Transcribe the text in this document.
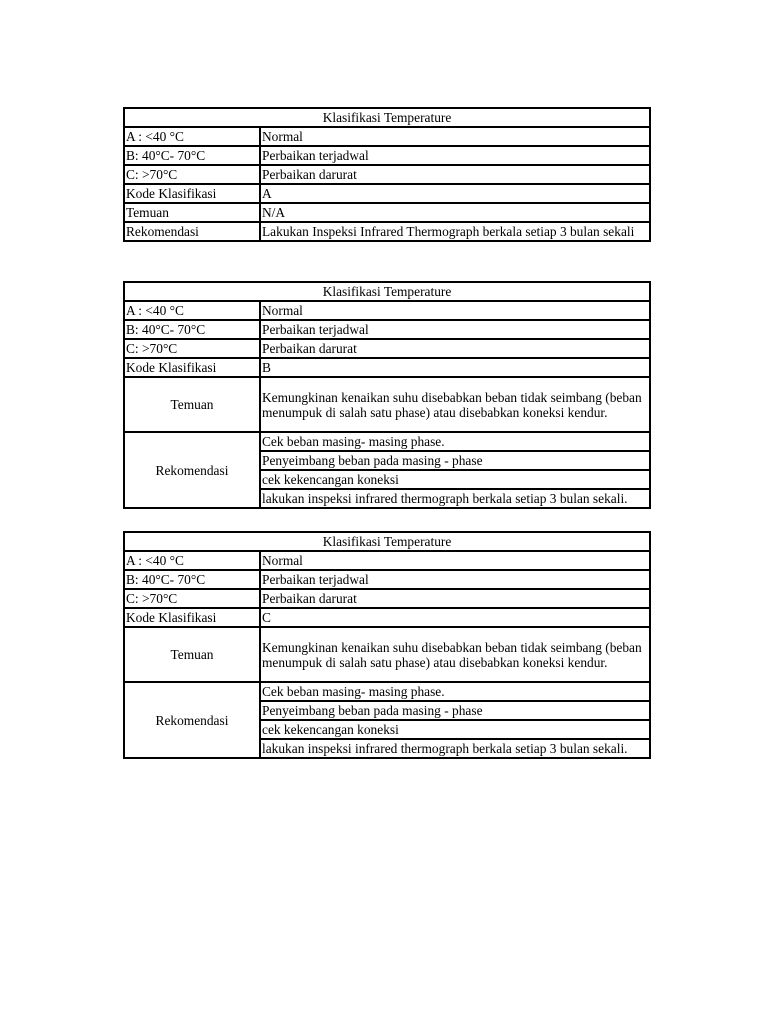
Klasifikasi Temperature	
A : <40 °C	Normal
B: 40°C- 70°C	Perbaikan terjadwal
C: >70°C	Perbaikan darurat
Kode Klasifikasi	A
Temuan	N/A
Rekomendasi	Lakukan Inspeksi Infrared Thermograph berkala setiap 3 bulan sekali
Klasifikasi Temperature	
A : <40 °C	Normal
B: 40°C- 70°C	Perbaikan terjadwal
C: >70°C	Perbaikan darurat
Kode Klasifikasi	B
Temuan	Kemungkinan kenaikan suhu disebabkan beban tidak seimbang (beban menumpuk di salah satu phase) atau disebabkan koneksi kendur.
Rekomendasi	Cek beban masing- masing phase.
	Penyeimbang beban pada masing - phase
	cek kekencangan koneksi
	lakukan inspeksi infrared thermograph berkala setiap 3 bulan sekali.
Klasifikasi Temperature	
A : <40 °C	Normal
B: 40°C- 70°C	Perbaikan terjadwal
C: >70°C	Perbaikan darurat
Kode Klasifikasi	C
Temuan	Kemungkinan kenaikan suhu disebabkan beban tidak seimbang (beban menumpuk di salah satu phase) atau disebabkan koneksi kendur.
Rekomendasi	Cek beban masing- masing phase.
	Penyeimbang beban pada masing - phase
	cek kekencangan koneksi
	lakukan inspeksi infrared thermograph berkala setiap 3 bulan sekali.
